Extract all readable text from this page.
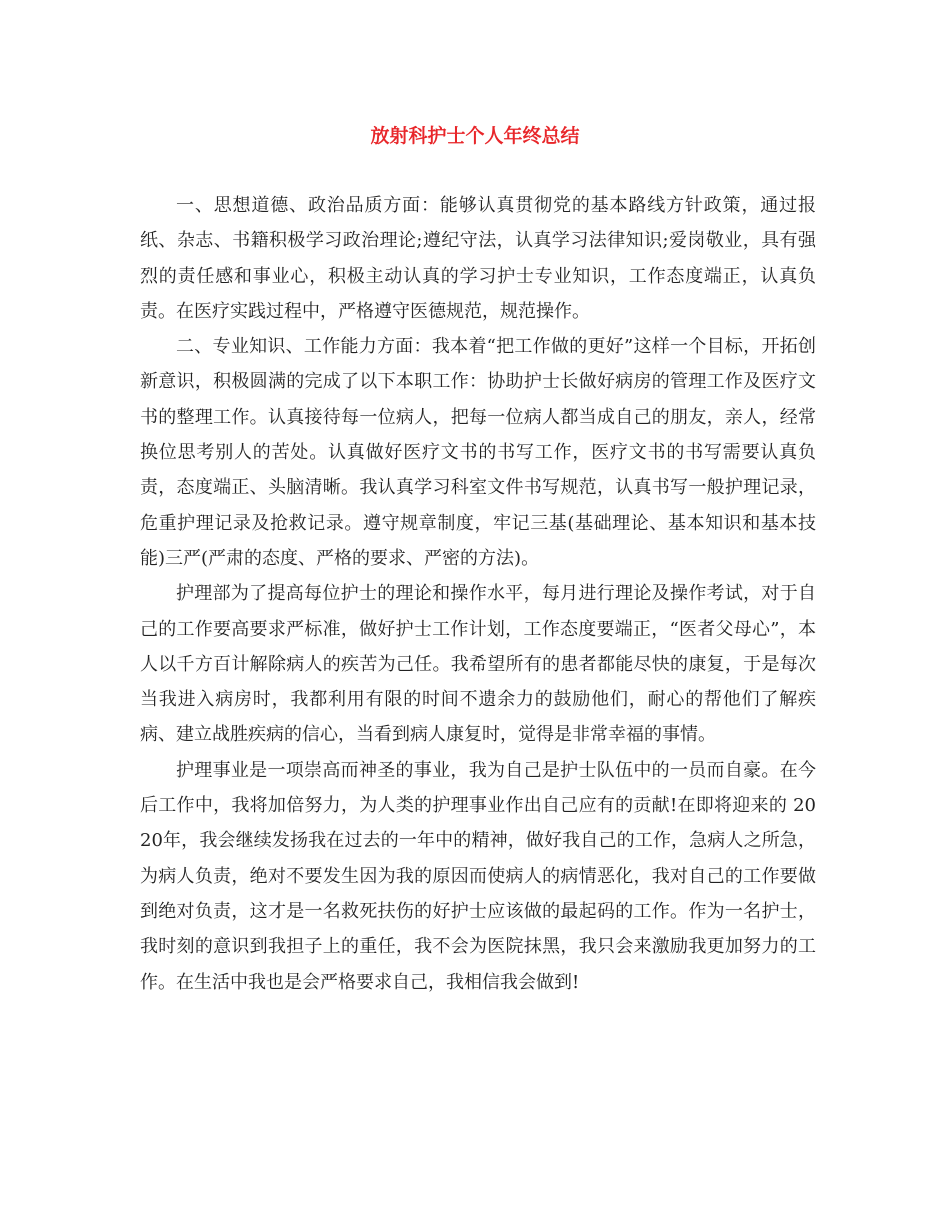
放射科护士个人年终总结

一、思想道德、政治品质方面：能够认真贯彻党的基本路线方针政策，通过报纸、杂志、书籍积极学习政治理论;遵纪守法，认真学习法律知识;爱岗敬业，具有强烈的责任感和事业心，积极主动认真的学习护士专业知识，工作态度端正，认真负责。在医疗实践过程中，严格遵守医德规范，规范操作。

二、专业知识、工作能力方面：我本着“把工作做的更好”这样一个目标，开拓创新意识，积极圆满的完成了以下本职工作：协助护士长做好病房的管理工作及医疗文书的整理工作。认真接待每一位病人，把每一位病人都当成自己的朋友，亲人，经常换位思考别人的苦处。认真做好医疗文书的书写工作，医疗文书的书写需要认真负责，态度端正、头脑清晰。我认真学习科室文件书写规范，认真书写一般护理记录，危重护理记录及抢救记录。遵守规章制度，牢记三基(基础理论、基本知识和基本技能)三严(严肃的态度、严格的要求、严密的方法)。

护理部为了提高每位护士的理论和操作水平，每月进行理论及操作考试，对于自己的工作要高要求严标准，做好护士工作计划，工作态度要端正，“医者父母心”，本人以千方百计解除病人的疾苦为己任。我希望所有的患者都能尽快的康复，于是每次当我进入病房时，我都利用有限的时间不遗余力的鼓励他们，耐心的帮他们了解疾病、建立战胜疾病的信心，当看到病人康复时，觉得是非常幸福的事情。

护理事业是一项崇高而神圣的事业，我为自己是护士队伍中的一员而自豪。在今后工作中，我将加倍努力，为人类的护理事业作出自己应有的贡献!在即将迎来的 2020年，我会继续发扬我在过去的一年中的精神，做好我自己的工作，急病人之所急，为病人负责，绝对不要发生因为我的原因而使病人的病情恶化，我对自己的工作要做到绝对负责，这才是一名救死扶伤的好护士应该做的最起码的工作。作为一名护士，我时刻的意识到我担子上的重任，我不会为医院抹黑，我只会来激励我更加努力的工作。在生活中我也是会严格要求自己，我相信我会做到!
